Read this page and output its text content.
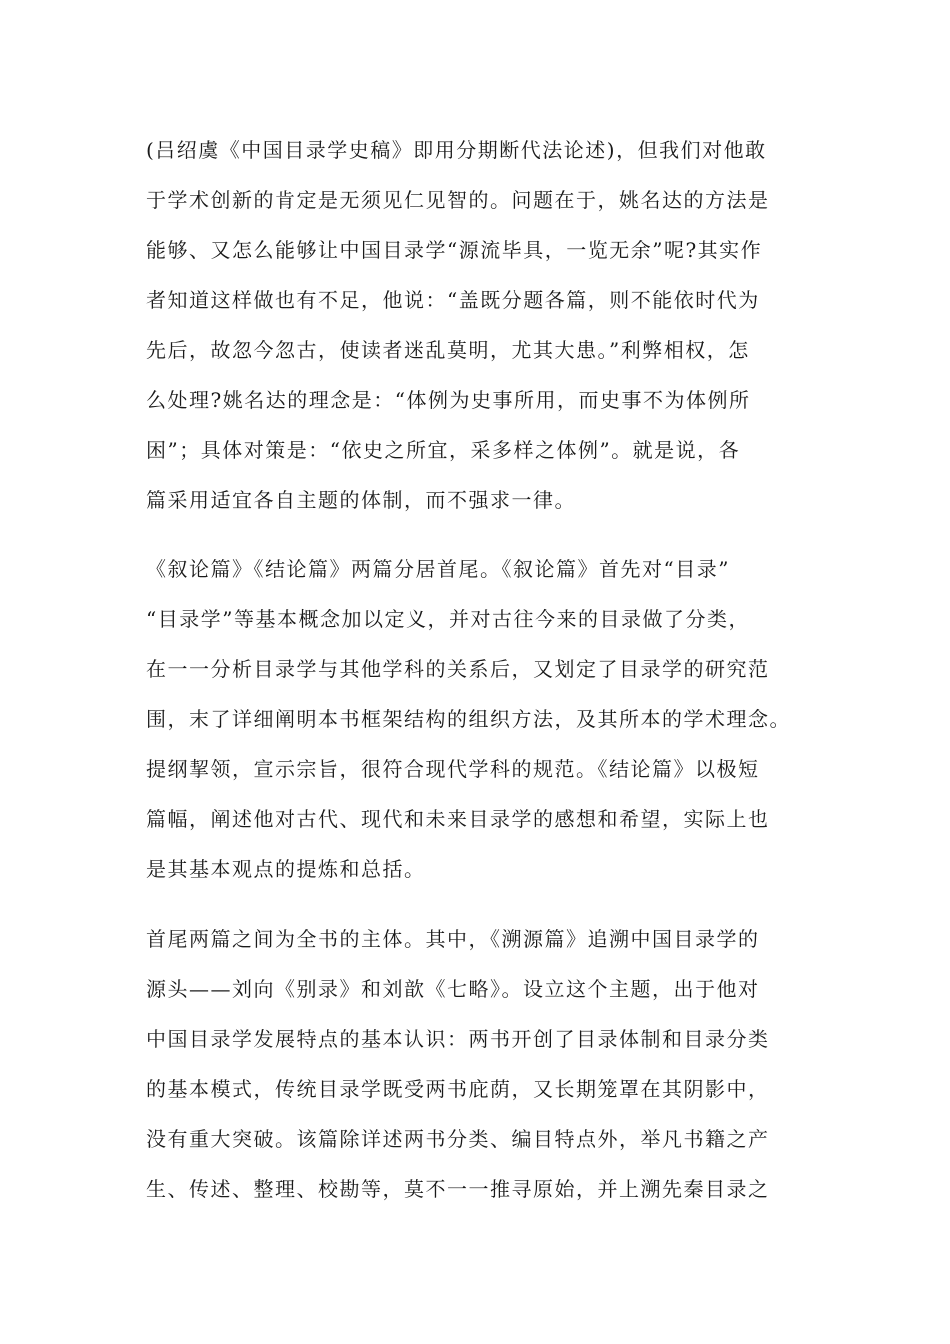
(吕绍虞《中国目录学史稿》即用分期断代法论述)，但我们对他敢
于学术创新的肯定是无须见仁见智的。问题在于，姚名达的方法是
能够、又怎么能够让中国目录学“源流毕具，一览无余”呢?其实作
者知道这样做也有不足，他说：“盖既分题各篇，则不能依时代为
先后，故忽今忽古，使读者迷乱莫明，尤其大患。”利弊相权，怎
么处理?姚名达的理念是：“体例为史事所用，而史事不为体例所
困”；具体对策是：“依史之所宜，采多样之体例”。就是说，各
篇采用适宜各自主题的体制，而不强求一律。
《叙论篇》《结论篇》两篇分居首尾。《叙论篇》首先对“目录”
“目录学”等基本概念加以定义，并对古往今来的目录做了分类，
在一一分析目录学与其他学科的关系后，又划定了目录学的研究范
围，末了详细阐明本书框架结构的组织方法，及其所本的学术理念。
提纲挈领，宣示宗旨，很符合现代学科的规范。《结论篇》以极短
篇幅，阐述他对古代、现代和未来目录学的感想和希望，实际上也
是其基本观点的提炼和总括。
首尾两篇之间为全书的主体。其中，《溯源篇》追溯中国目录学的
源头——刘向《别录》和刘歆《七略》。设立这个主题，出于他对
中国目录学发展特点的基本认识：两书开创了目录体制和目录分类
的基本模式，传统目录学既受两书庇荫，又长期笼罩在其阴影中，
没有重大突破。该篇除详述两书分类、编目特点外，举凡书籍之产
生、传述、整理、校勘等，莫不一一推寻原始，并上溯先秦目录之
